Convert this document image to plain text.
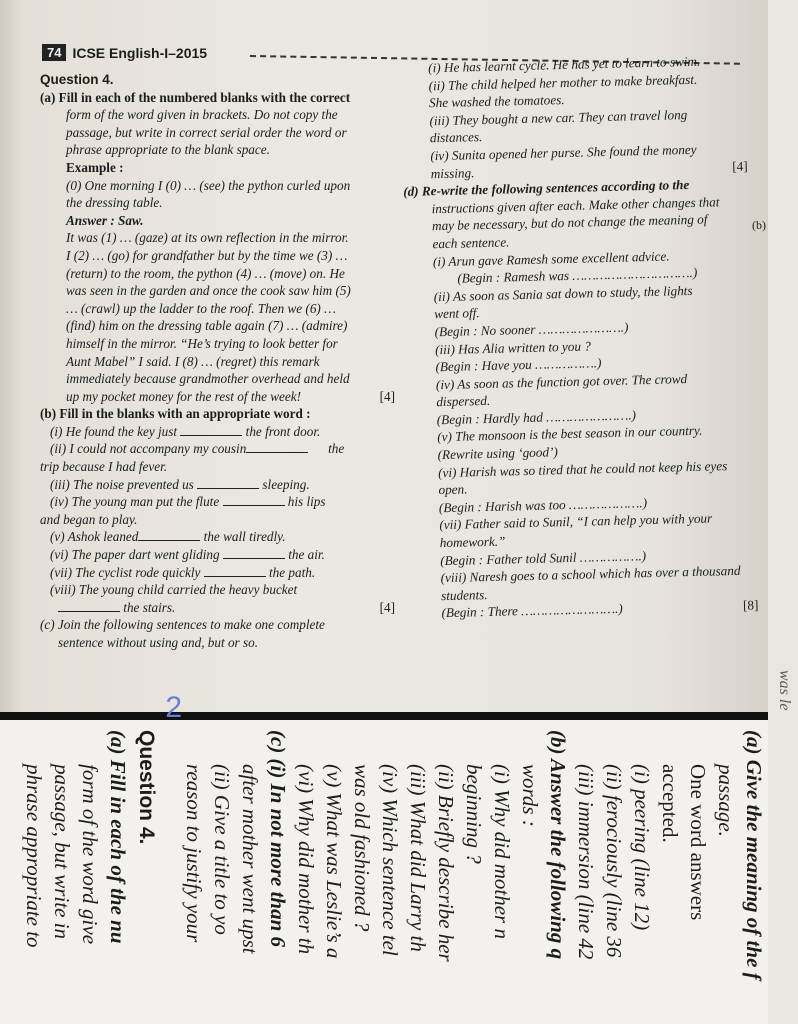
74 ICSE English-I–2015
Question 4.
(a) Fill in each of the numbered blanks with the correct
form of the word given in brackets. Do not copy the
passage, but write in correct serial order the word or
phrase appropriate to the blank space.
Example :
(0) One morning I (0) … (see) the python curled upon
the dressing table.
Answer : Saw.
It was (1) … (gaze) at its own reflection in the mirror.
I (2) … (go) for grandfather but by the time we (3) …
(return) to the room, the python (4) … (move) on. He
was seen in the garden and once the cook saw him (5)
… (crawl) up the ladder to the roof. Then we (6) …
(find) him on the dressing table again (7) … (admire)
himself in the mirror. “He’s trying to look better for
Aunt Mabel” I said. I (8) … (regret) this remark
immediately because grandmother overhead and held
up my pocket money for the rest of the week!	[4]
(b) Fill in the blanks with an appropriate word :
(i) He found the key just	the front door.
(ii) I could not accompany my cousin	the
trip because I had fever.
(iii) The noise prevented us	sleeping.
(iv) The young man put the flute	his lips
and began to play.
(v) Ashok leaned	the wall tiredly.
(vi) The paper dart went gliding	the air.
(vii) The cyclist rode quickly	the path.
(viii) The young child carried the heavy bucket
the stairs.	[4]
(c) Join the following sentences to make one complete
sentence without using and, but or so.
(i) He has learnt cycle. He has yet to learn to swim.
(ii) The child helped her mother to make breakfast.
She washed the tomatoes.
(iii) They bought a new car. They can travel long
distances.
(iv) Sunita opened her purse. She found the money
missing.	[4]
(d) Re-write the following sentences according to the
instructions given after each. Make other changes that
may be necessary, but do not change the meaning of
each sentence.
(i) Arun gave Ramesh some excellent advice.
(Begin : Ramesh was ………………………….)
(ii) As soon as Sania sat down to study, the lights
went off.
(Begin : No sooner ………………….)
(iii) Has Alia written to you ?
(Begin : Have you …………….)
(iv) As soon as the function got over. The crowd
dispersed.
(Begin : Hardly had ………………….)
(v) The monsoon is the best season in our country.
(Rewrite using ‘good’)
(vi) Harish was so tired that he could not keep his eyes
open.
(Begin : Harish was too ……………….)
(vii) Father said to Sunil, “I can help you with your
homework.”
(Begin : Father told Sunil …………….)
(viii) Naresh goes to a school which has over a thousand
students.
(Begin : There …………………….)	[8]
(b)
was le
(a) Give the meaning of the f
passage.
One word answers
accepted.
(i) peering (line 12)
(ii) ferociously (line 36
(iii) immersion (line 42
(b) Answer the following q
words :
(i) Why did mother n
beginning ?
(ii) Briefly describe her
(iii) What did Larry th
(iv) Which sentence tel
was old fashioned ?
(v) What was Leslie’s a
(vi) Why did mother th
(c) (i) In not more than 6
after mother went upst
(ii) Give a title to yo
reason to justify your
Question 4.
(a) Fill in each of the nu
form of the word give
passage, but write in
phrase appropriate to
2
